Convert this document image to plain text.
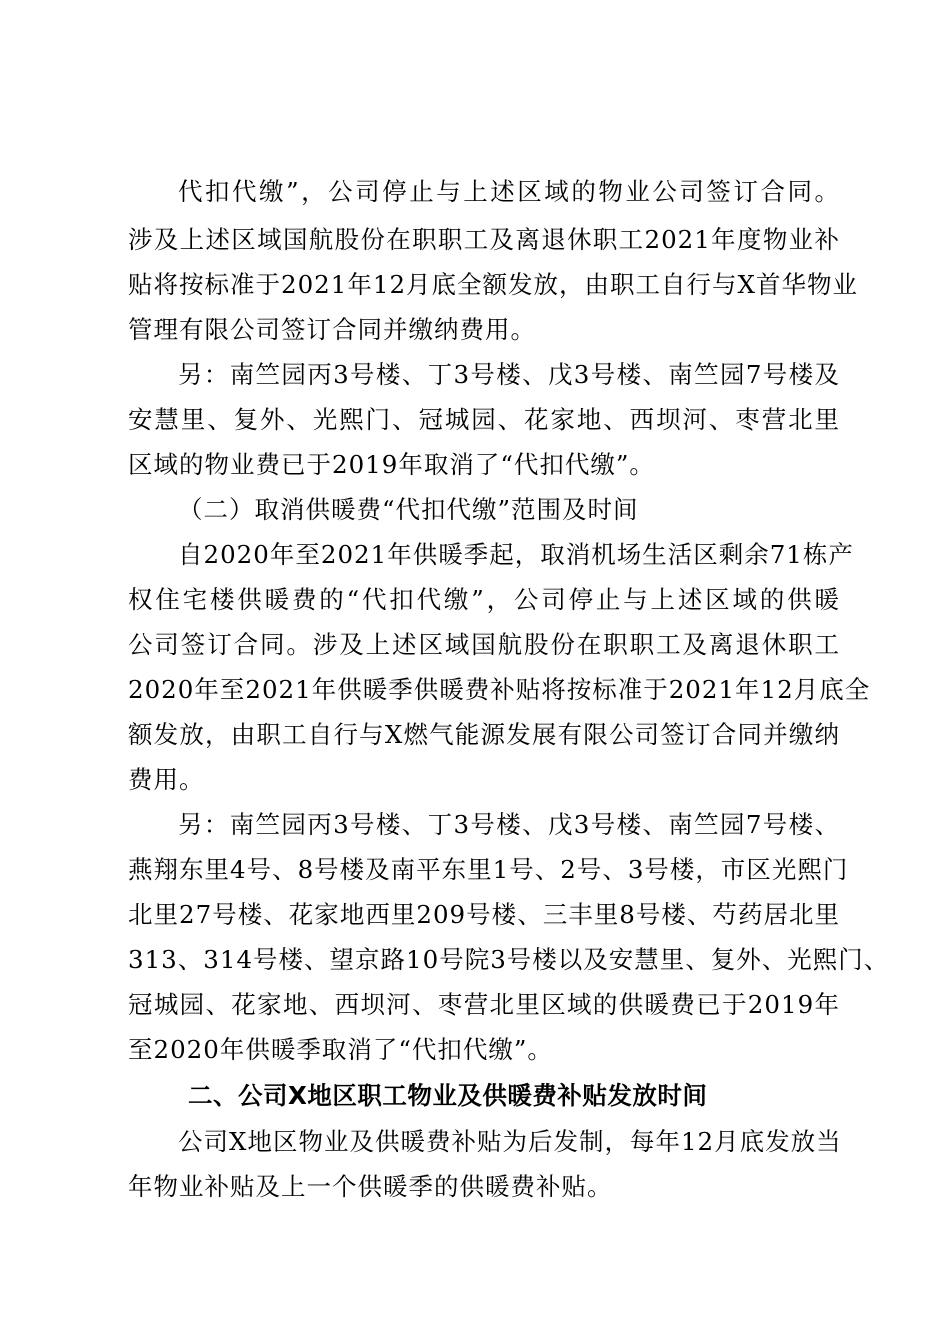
代扣代缴”，公司停止与上述区域的物业公司签订合同。
涉及上述区域国航股份在职职工及离退休职工2021年度物业补
贴将按标准于2021年12月底全额发放，由职工自行与X首华物业
管理有限公司签订合同并缴纳费用。
另：南竺园丙3号楼、丁3号楼、戊3号楼、南竺园7号楼及
安慧里、复外、光熙门、冠城园、花家地、西坝河、枣营北里
区域的物业费已于2019年取消了“代扣代缴”。
（二）取消供暖费“代扣代缴”范围及时间
自2020年至2021年供暖季起，取消机场生活区剩余71栋产
权住宅楼供暖费的“代扣代缴”，公司停止与上述区域的供暖
公司签订合同。涉及上述区域国航股份在职职工及离退休职工
2020年至2021年供暖季供暖费补贴将按标准于2021年12月底全
额发放，由职工自行与X燃气能源发展有限公司签订合同并缴纳
费用。
另：南竺园丙3号楼、丁3号楼、戊3号楼、南竺园7号楼、
燕翔东里4号、8号楼及南平东里1号、2号、3号楼，市区光熙门
北里27号楼、花家地西里209号楼、三丰里8号楼、芍药居北里
313、314号楼、望京路10号院3号楼以及安慧里、复外、光熙门、
冠城园、花家地、西坝河、枣营北里区域的供暖费已于2019年
至2020年供暖季取消了“代扣代缴”。
二、公司X地区职工物业及供暖费补贴发放时间
公司X地区物业及供暖费补贴为后发制，每年12月底发放当
年物业补贴及上一个供暖季的供暖费补贴。
